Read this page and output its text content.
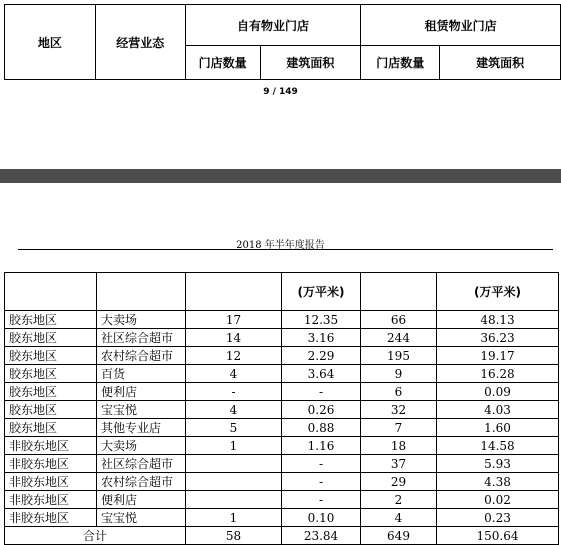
地区	经营业态	自有物业门店		租赁物业门店	
		门店数量	建筑面积	门店数量	建筑面积
9 / 149
2018 年半年度报告
			(万平米)		(万平米)
胶东地区	大卖场	17	12.35	66	48.13
胶东地区	社区综合超市	14	3.16	244	36.23
胶东地区	农村综合超市	12	2.29	195	19.17
胶东地区	百货	4	3.64	9	16.28
胶东地区	便利店	-	-	6	0.09
胶东地区	宝宝悦	4	0.26	32	4.03
胶东地区	其他专业店	5	0.88	7	1.60
非胶东地区	大卖场	1	1.16	18	14.58
非胶东地区	社区综合超市		-	37	5.93
非胶东地区	农村综合超市		-	29	4.38
非胶东地区	便利店		-	2	0.02
非胶东地区	宝宝悦	1	0.10	4	0.23
合计		58	23.84	649	150.64
